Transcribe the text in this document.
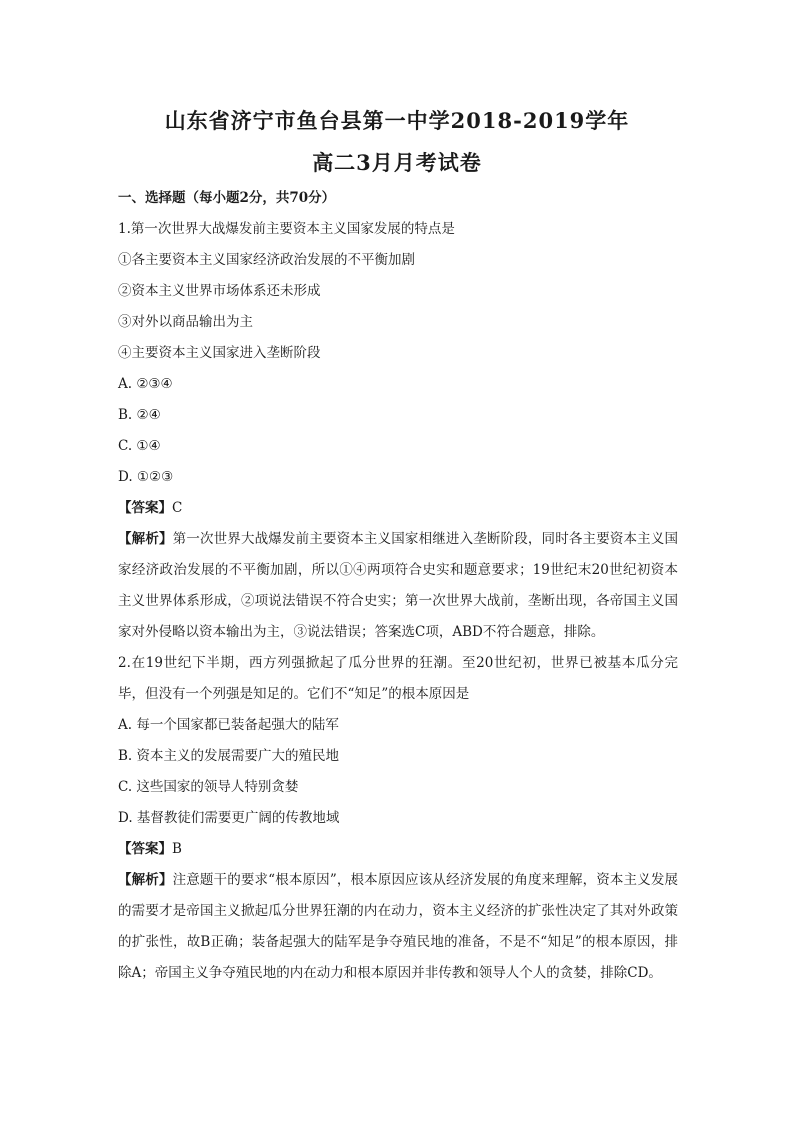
山东省济宁市鱼台县第一中学2018-2019学年
高二3月月考试卷
一、选择题（每小题2分，共70分）
1.第一次世界大战爆发前主要资本主义国家发展的特点是
①各主要资本主义国家经济政治发展的不平衡加剧
②资本主义世界市场体系还未形成
③对外以商品输出为主
④主要资本主义国家进入垄断阶段
A. ②③④
B. ②④
C. ①④
D. ①②③
【答案】C
【解析】第一次世界大战爆发前主要资本主义国家相继进入垄断阶段，同时各主要资本主义国家经济政治发展的不平衡加剧，所以①④两项符合史实和题意要求；19世纪末20世纪初资本主义世界体系形成，②项说法错误不符合史实；第一次世界大战前，垄断出现，各帝国主义国家对外侵略以资本输出为主，③说法错误；答案选C项，ABD不符合题意，排除。
2.在19世纪下半期，西方列强掀起了瓜分世界的狂潮。至20世纪初，世界已被基本瓜分完毕，但没有一个列强是知足的。它们不“知足”的根本原因是
A. 每一个国家都已装备起强大的陆军
B. 资本主义的发展需要广大的殖民地
C. 这些国家的领导人特别贪婪
D. 基督教徒们需要更广阔的传教地域
【答案】B
【解析】注意题干的要求“根本原因”，根本原因应该从经济发展的角度来理解，资本主义发展的需要才是帝国主义掀起瓜分世界狂潮的内在动力，资本主义经济的扩张性决定了其对外政策的扩张性，故B正确；装备起强大的陆军是争夺殖民地的准备，不是不“知足”的根本原因，排除A；帝国主义争夺殖民地的内在动力和根本原因并非传教和领导人个人的贪婪，排除CD。
